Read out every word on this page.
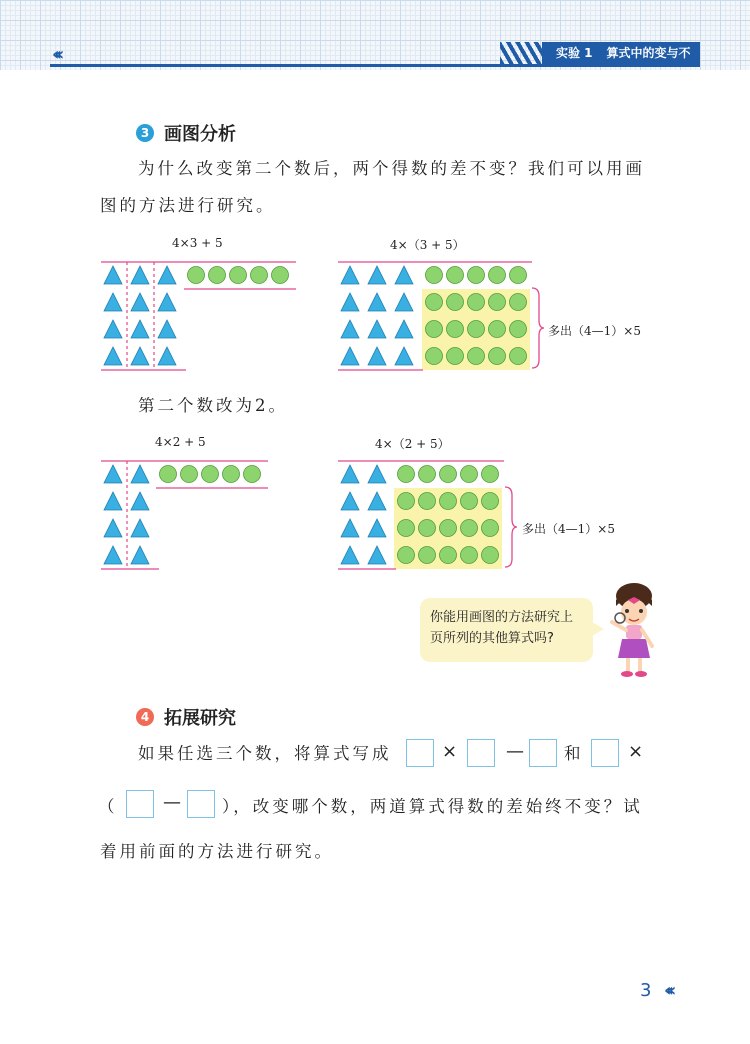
‹‹‹	实验 1 算式中的变与不变
3 画图分析
为什么改变第二个数后，两个得数的差不变？我们可以用画
图的方法进行研究。
4×3 + 5	4×（3 + 5）
多出（4—1）×5
第二个数改为2。
4×2 + 5	4×（2 + 5）
多出（4—1）×5
你能用画图的方法研究上
页所列的其他算式吗?
4 拓展研究
如果任选三个数，将算式写成	×	— 和 ×
（	— ），改变哪个数，两道算式得数的差始终不变？试
着用前面的方法进行研究。
3 ‹‹‹
